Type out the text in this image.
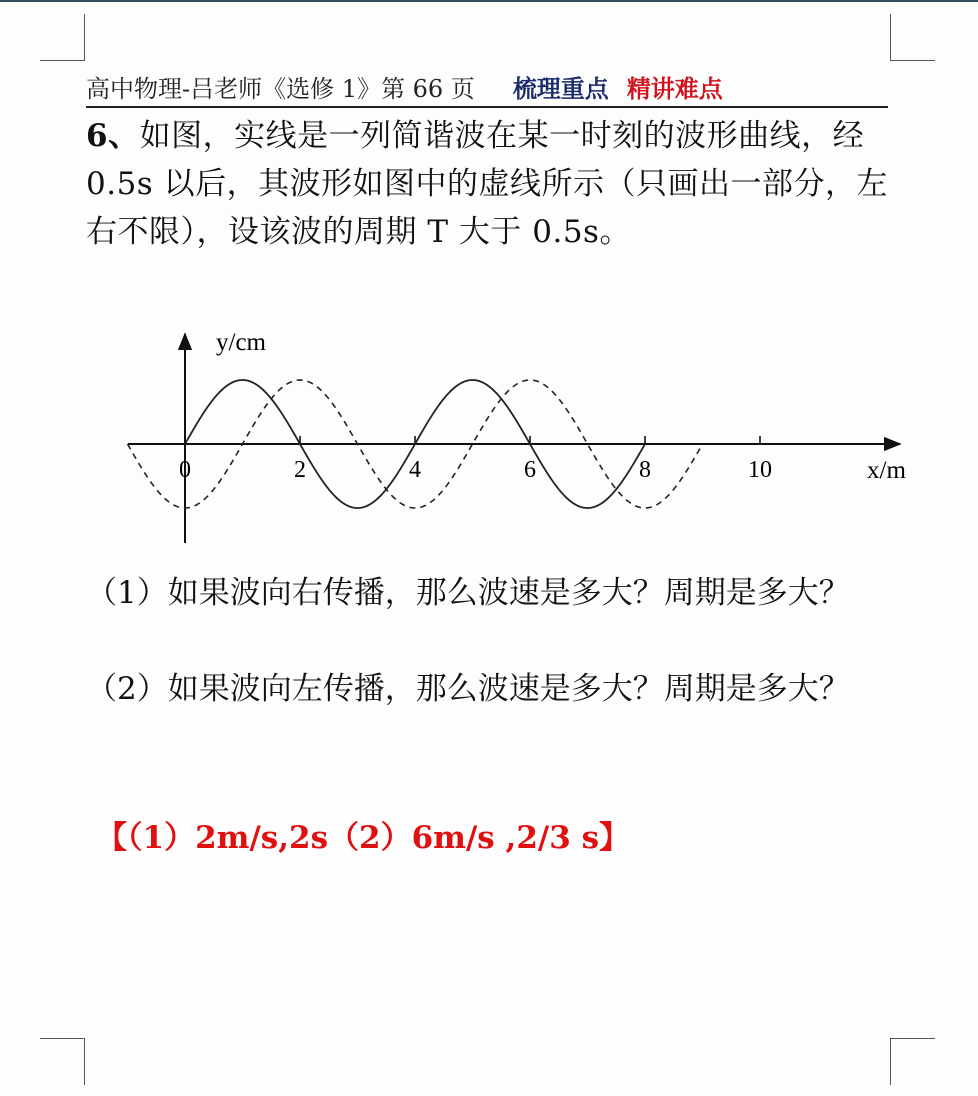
高中物理-吕老师《选修 1》第 66 页 梳理重点 精讲难点
6、如图，实线是一列简谐波在某一时刻的波形曲线，经 0.5s 以后，其波形如图中的虚线所示（只画出一部分，左右不限），设该波的周期 T 大于 0.5s。
y/cm
x/m
0	2	4	6	8	10
（1）如果波向右传播，那么波速是多大？周期是多大？
（2）如果波向左传播，那么波速是多大？周期是多大？
【（1）2m/s,2s（2）6m/s ,2/3 s】
